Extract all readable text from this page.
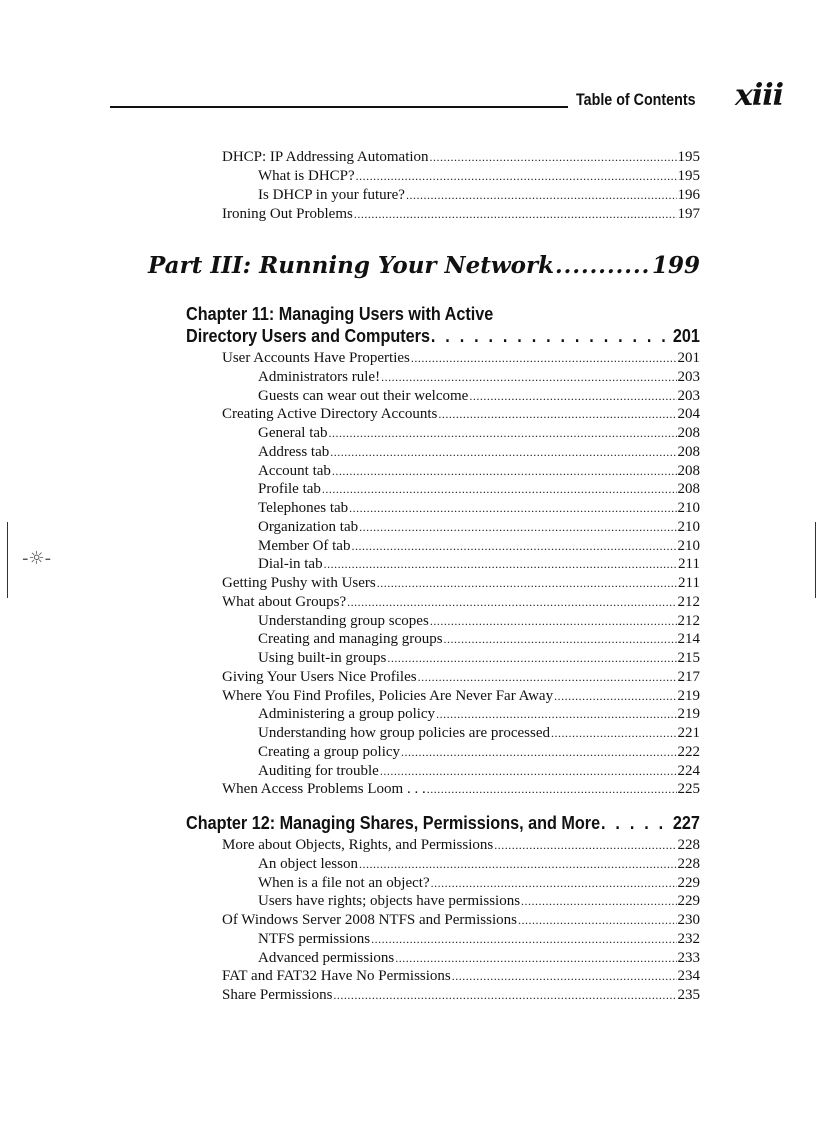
Table of Contents xiii
DHCP: IP Addressing Automation .....	195
What is DHCP? .....	195
Is DHCP in your future? .....	196
Ironing Out Problems .....	197
Part III: Running Your Network .....	199
Chapter 11: Managing Users with Active
Directory Users and Computers . . .	201
User Accounts Have Properties .....	201
Administrators rule! .....	203
Guests can wear out their welcome .....	203
Creating Active Directory Accounts .....	204
General tab .....	208
Address tab .....	208
Account tab .....	208
Profile tab .....	208
Telephones tab .....	210
Organization tab .....	210
Member Of tab .....	210
Dial-in tab .....	211
Getting Pushy with Users .....	211
What about Groups? .....	212
Understanding group scopes .....	212
Creating and managing groups .....	214
Using built-in groups .....	215
Giving Your Users Nice Profiles .....	217
Where You Find Profiles, Policies Are Never Far Away .....	219
Administering a group policy .....	219
Understanding how group policies are processed .....	221
Creating a group policy .....	222
Auditing for trouble .....	224
When Access Problems Loom . . . .....	225
Chapter 12: Managing Shares, Permissions, and More . . .	227
More about Objects, Rights, and Permissions .....	228
An object lesson .....	228
When is a file not an object? .....	229
Users have rights; objects have permissions .....	229
Of Windows Server 2008 NTFS and Permissions .....	230
NTFS permissions .....	232
Advanced permissions .....	233
FAT and FAT32 Have No Permissions .....	234
Share Permissions .....	235
-☼-
